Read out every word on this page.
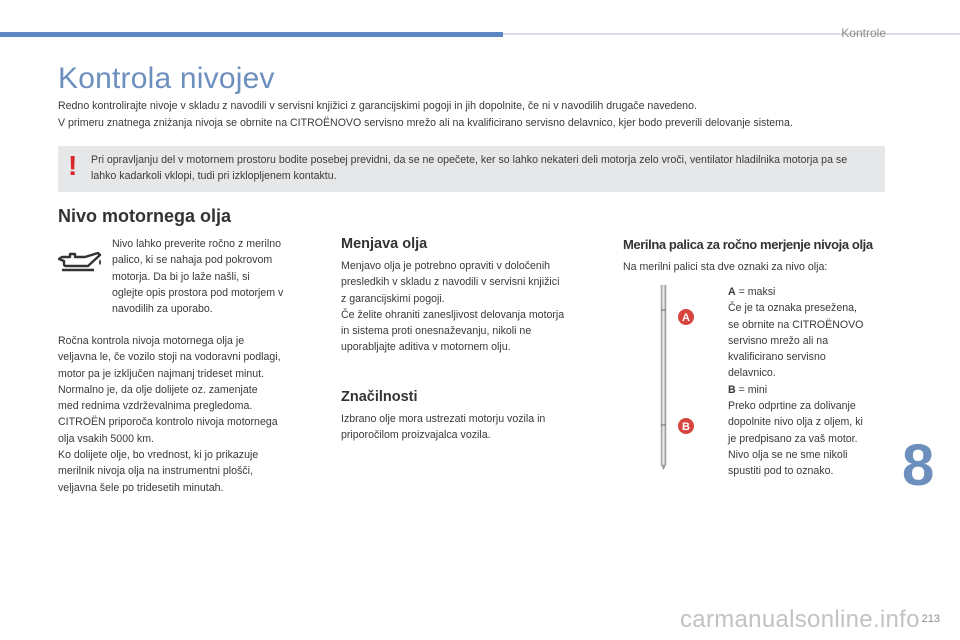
Kontrole
Kontrola nivojev
Redno kontrolirajte nivoje v skladu z navodili v servisni knjižici z garancijskimi pogoji in jih dopolnite, če ni v navodilih drugače navedeno.
V primeru znatnega zniżanja nivoja se obrnite na CITROËNOVO servisno mrežo ali na kvalificirano servisno delavnico, kjer bodo preverili delovanje sistema.
! Pri opravljanju del v motornem prostoru bodite posebej previdni, da se ne opečete, ker so lahko nekateri deli motorja zelo vroči, ventilator hladilnika motorja pa se lahko kadarkoli vklopi, tudi pri izklopljenem kontaktu.
Nivo motornega olja

Nivo lahko preverite ročno z merilno

palico, ki se nahaja pod pokrovom

motorja. Da bi jo laže našli, si

oglejte opis prostora pod motorjem v

navodilih za uporabo.

Ročna kontrola nivoja motornega olja je

veljavna le, če vozilo stoji na vodoravni podlagi,

motor pa je izključen najmanj trideset minut.

Normalno je, da olje dolijete oz. zamenjate

med rednima vzdrževalnima pregledoma.

CITROËN priporoča kontrolo nivoja motornega

olja vsakih 5000 km.

Ko dolijete olje, bo vrednost, ki jo prikazuje

merilnik nivoja olja na instrumentni plošči,

veljavna šele po tridesetih minutah.

Menjava olja

Menjavo olja je potrebno opraviti v določenih

presledkih v skladu z navodili v servisni knjižici

z garancijskimi pogoji.

Če želite ohraniti zanesljivost delovanja motorja

in sistema proti onesnaževanju, nikoli ne

uporabljajte aditiva v motornem olju.

Značilnosti

Izbrano olje mora ustrezati motorju vozila in

priporočilom proizvajalca vozila.

Merilna palica za ročno merjenje nivoja olja
Na merilni palici sta dve oznaki za nivo olja:
A
B

A = maksi

Če je ta oznaka presežena,

se obrnite na CITROËNOVO

servisno mrežo ali na

kvalificirano servisno

delavnico.

B = mini

Preko odprtine za dolivanje

dopolnite nivo olja z oljem, ki

je predpisano za vaš motor.

Nivo olja se ne sme nikoli

spustiti pod to oznako.	8
carmanualsonline.info 213
